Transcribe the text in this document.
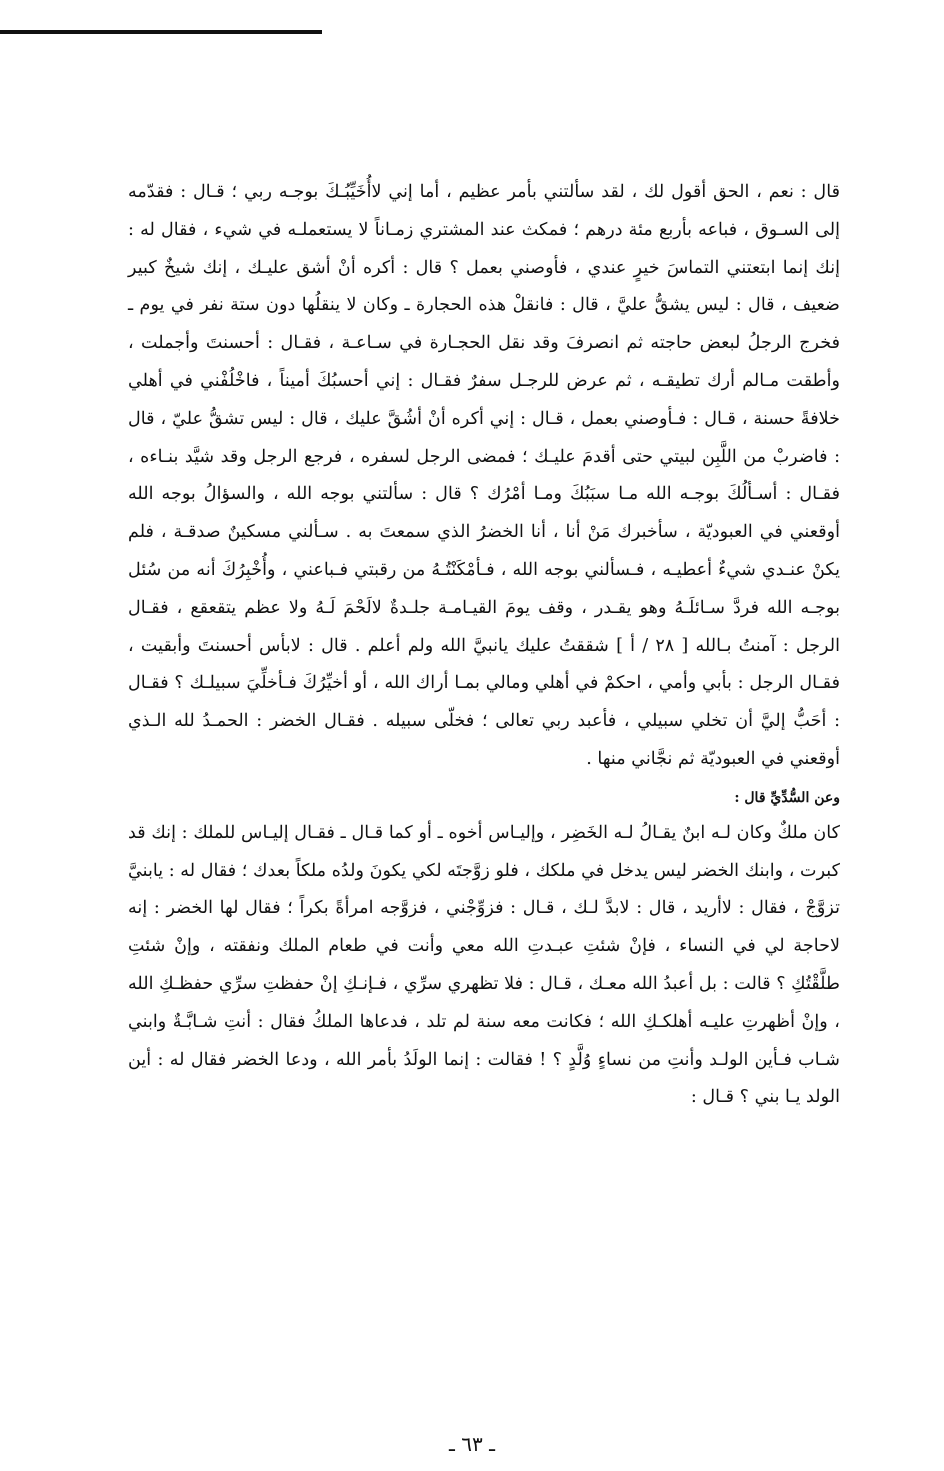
قال : نعم ، الحق أقول لك ، لقد سألتني بأمر عظيم ، أما إني لاأُخَيِّبُـكَ بوجـه ربي ؛ قـال : فقدّمه إلى السـوق ، فباعه بأربع مئة درهم ؛ فمكث عند المشتري زمـاناً لا يستعملـه في شيء ، فقال له : إنك إنما ابتعتني التماسَ خيرٍ عندي ، فأوصني بعمل ؟ قال : أكره أنْ أشق عليـك ، إنك شيخٌ كبير ضعيف ، قال : ليس يشقُّ عليَّ ، قال : فانقلْ هذه الحجارة ـ وكان لا ينقلُها دون ستة نفر في يوم ـ فخرج الرجلُ لبعض حاجته ثم انصرفَ وقد نقل الحجـارة في سـاعـة ، فقـال : أحسنتَ وأجملت ، وأطقت مـالم أرك تطيقـه ، ثم عرض للرجـل سفرٌ فقـال : إني أحسبُكَ أميناً ، فاخْلُفْني في أهلي خلافةً حسنة ، قـال : فـأوصني بعمل ، قـال : إني أكره أنْ أشُقَّ عليك ، قال : ليس تشقُّ عليّ ، قال : فاضربْ من اللَّبِن لبيتي حتى أقدمَ عليـك ؛ فمضى الرجل لسفره ، فرجع الرجل وقد شيَّد بنـاءه ، فقـال : أسـألُكَ بوجـه الله مـا سبَبُكَ ومـا أمْرُك ؟ قال : سألتني بوجه الله ، والسؤالُ بوجه الله أوقعني في العبوديّة ، سأخبرك مَنْ أنا ، أنا الخضرُ الذي سمعتَ به . سـألني مسكينٌ صدقـة ، فلم يكنْ عنـدي شيءٌ أعطيـه ، فـسألني بوجه الله ، فـأمْكَنْتُـهُ من رقبتي فـباعني ، وأُخْبِرُكَ أنه من سُئل بوجـه الله فردَّ سـائلَـهُ وهو يقـدر ، وقف يومَ القيـامـة جلـدةٌ لالَحْمَ لَـهُ ولا عظم يتقعقع ، فقـال الرجل : آمنتُ بـالله [ ٢٨ / أ ] شققتُ عليك يانبيَّ الله ولم أعلم . قال : لابأس أحسنتَ وأبقيت ، فقـال الرجل : بأبي وأمي ، احكمْ في أهلي ومالي بمـا أراك الله ، أو أخيِّرُكَ فـأخلِّيَ سبيلـك ؟ فقـال : أحَبُّ إليَّ أن تخلي سبيلي ، فأعبد ربي تعالى ؛ فخلّى سبيله . فقـال الخضر : الحمـدُ لله الـذي أوقعني في العبوديّة ثم نجَّاني منها .

وعن السُّدِّيِّ قال :

كان ملكٌ وكان لـه ابنٌ يقـالُ لـه الخَضِر ، وإليـاس أخوه ـ أو كما قـال ـ فقـال إليـاس للملك : إنك قد كبرت ، وابنك الخضر ليس يدخل في ملكك ، فلو زوَّجتَه لكي يكونَ ولدُه ملكاً بعدك ؛ فقال له : يابنيَّ تزوَّجْ ، فقال : لاأريد ، قال : لابدَّ لـك ، قـال : فزوِّجْني ، فزوَّجه امرأةً بكراً ؛ فقال لها الخضر : إنه لاحاجة لي في النساء ، فإنْ شئتِ عبـدتِ الله معي وأنت في طعام الملك ونفقته ، وإنْ شئتِ طلَّقْتُكِ ؟ قالت : بل أعبدُ الله معـك ، قـال : فلا تظهري سرِّي ، فـإنـكِ إنْ حفظتِ سرِّي حفظـكِ الله ، وإنْ أظهرتِ عليـه أهلكـكِ الله ؛ فكانت معه سنة لم تلد ، فدعاها الملكُ فقال : أنتِ شـابَّـةٌ وابني شـاب فـأين الولـد وأنتِ من نساءٍ وُلَّدٍ ؟ ! فقالت : إنما الولَدُ بأمر الله ، ودعا الخضر فقال له : أين الولد يـا بني ؟ قـال :

ـ ٦٣ ـ
